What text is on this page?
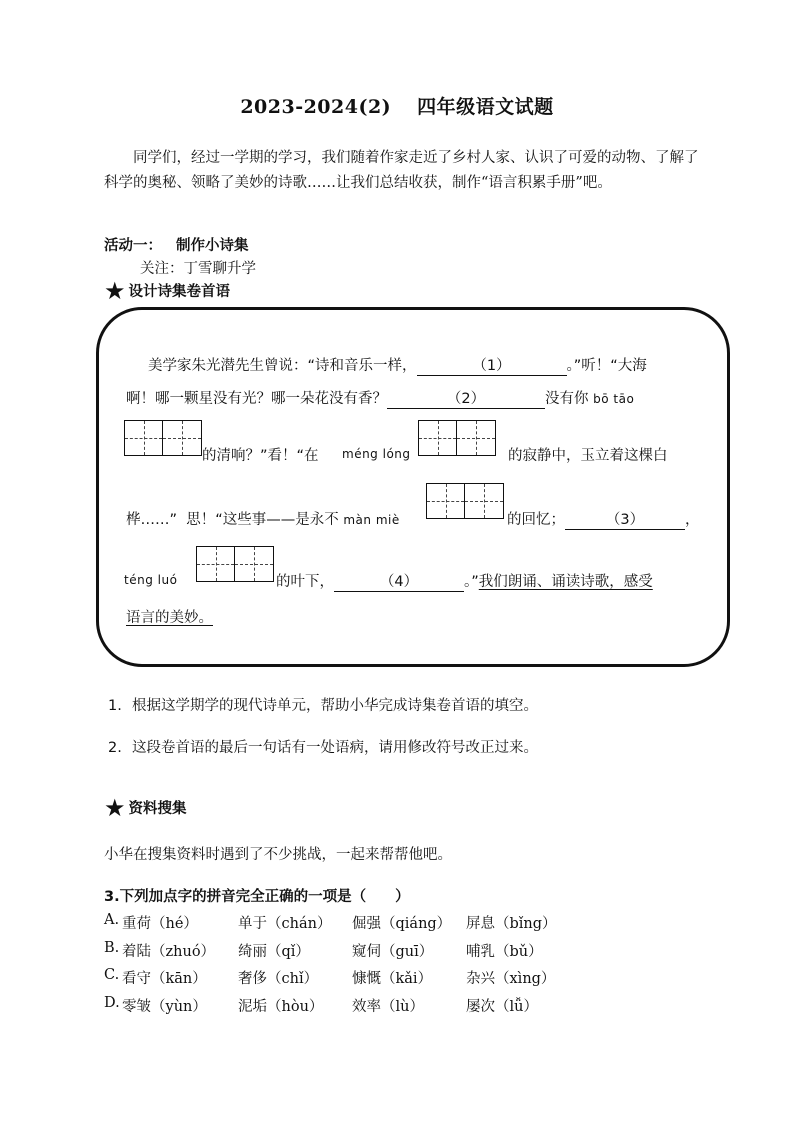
2023-2024(2) 四年级语文试题

同学们，经过一学期的学习，我们随着作家走近了乡村人家、认识了可爱的动物、了解了科学的奥秘、领略了美妙的诗歌……让我们总结收获，制作“语言积累手册”吧。

活动一： 制作小诗集
关注：丁雪聊升学
★ 设计诗集卷首语
美学家朱光潜先生曾说：“诗和音乐一样，	（1）	。”听！“大海
啊！哪一颗星没有光？哪一朵花没有香？	（2）	没有你 bō tāo
的清响？”看！“在 méng lóng	的寂静中，玉立着这棵白
桦……” 思！“这些事——是永不 màn miè	的回忆；	（3）	，
téng luó	的叶下，	（4）	。”我们朗诵、诵读诗歌，感受
语言的美妙。
1. 根据这学期学的现代诗单元，帮助小华完成诗集卷首语的填空。
2. 这段卷首语的最后一句话有一处语病，请用修改符号改正过来。
★ 资料搜集
小华在搜集资料时遇到了不少挑战，一起来帮帮他吧。
3.下列加点字的拼音完全正确的一项是（　　）
A. 重荷（hé）	单于（chán） 倔强（qiáng） 屏息（bǐng）
B. 着陆（zhuó） 绮丽（qǐ）	窥伺（guī） 哺乳（bǔ）
C. 看守（kān） 奢侈（chǐ） 慷慨（kǎi） 杂兴（xìng）
D. 零皱（yùn） 泥垢（hòu） 效率（lù）	屡次（lǚ）
